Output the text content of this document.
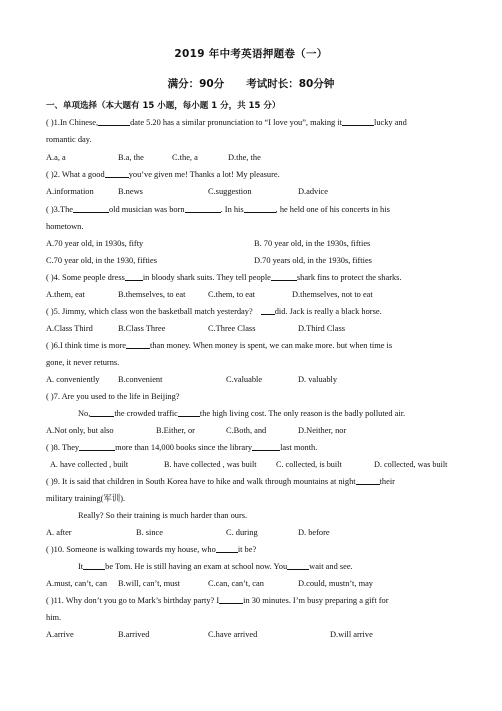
2019 年中考英语押题卷（一）
满分：90分 考试时长：80分钟
一、单项选择（本大题有 15 小题，每小题 1 分，共 15 分）
( )1.In Chinese,	date 5.20 has a similar pronunciation to “I love you”, making it	lucky and
romantic day.
A.a, a	B.a, the	C.the, a	D.the, the
( )2. What a good	you’ve given me! Thanks a lot! My pleasure.
A.information	B.news	C.suggestion	D.advice
( )3.The	old musician was born	. In his	, he held one of his concerts in his
hometown.
A.70 year old, in 1930s, fifty	B. 70 year old, in the 1930s, fifties
C.70 year old, in the 1930, fifties	D.70 years old, in the 1930s, fifties
( )4. Some people dress in bloody shark suits. They tell people	shark fins to protect the sharks.
A.them, eat	B.themselves, to eat	C.them, to eat	D.themselves, not to eat
( )5. Jimmy, which class won the basketball match yesterday?	did. Jack is really a black horse.
A.Class Third	B.Class Three	C.Three Class	D.Third Class
( )6.I think time is more	than money. When money is spent, we can make more. but when time is
gone, it never returns.
A. conveniently B.convenient	C.valuable	D. valuably
( )7. Are you used to the life in Beijing?
No,	the crowded traffic	the high living cost. The only reason is the badly polluted air.
A.Not only, but also	B.Either, or	C.Both, and	D.Neither, nor
( )8. They	more than 14,000 books since the library	last month.
A. have collected , built	B. have collected , was built C. collected, is built	D. collected, was built
( )9. It is said that children in South Korea have to hike and walk through mountains at night	their
military training(军训).
Really? So their training is much harder than ours.
A. after	B. since	C. during	D. before
( )10. Someone is walking towards my house, who	it be?
It	be Tom. He is still having an exam at school now. You	wait and see.
A.must, can’t, can B.will, can’t, must	C.can, can’t, can	D.could, mustn’t, may
( )11. Why don’t you go to Mark’s birthday party? I	in 30 minutes. I’m busy preparing a gift for
him.
A.arrive	B.arrived	C.have arrived	D.will arrive
